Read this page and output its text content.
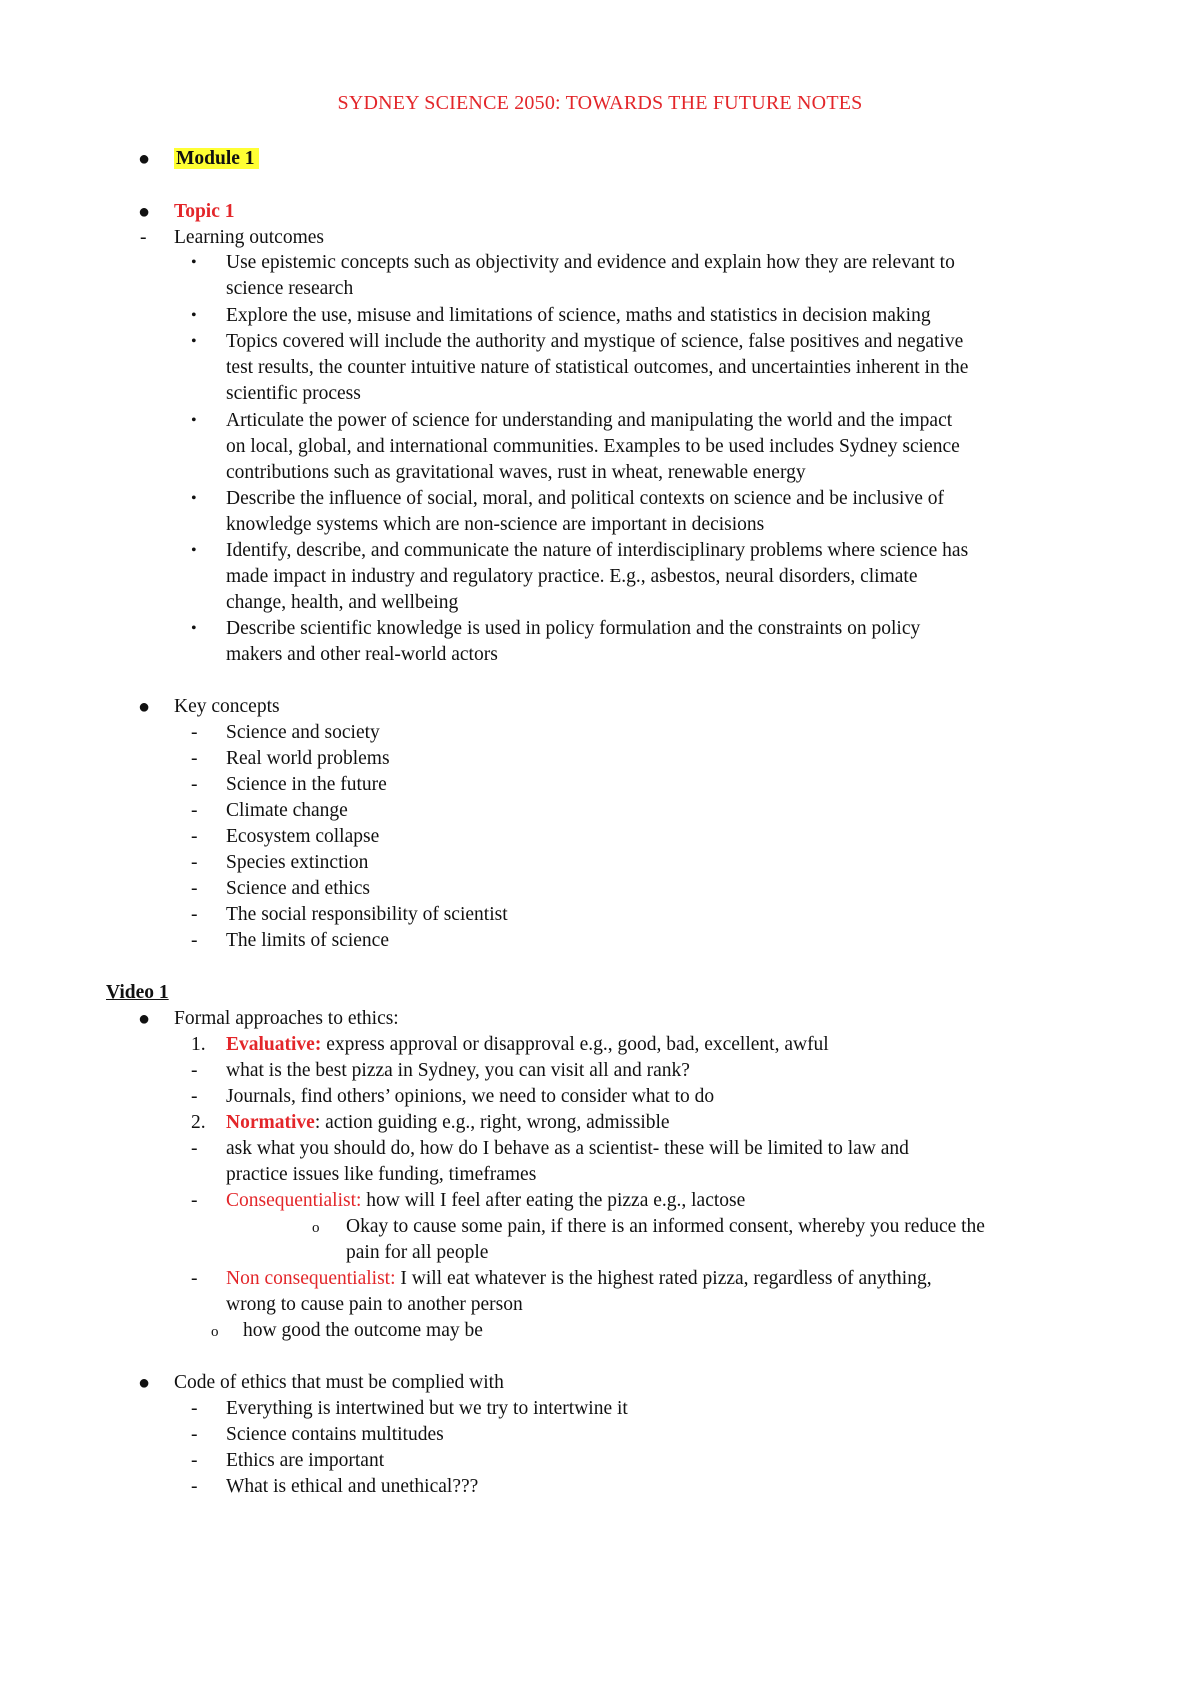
SYDNEY SCIENCE 2050: TOWARDS THE FUTURE NOTES
● Module 1
● Topic 1
- Learning outcomes
• Use epistemic concepts such as objectivity and evidence and explain how they are relevant to
science research
• Explore the use, misuse and limitations of science, maths and statistics in decision making
• Topics covered will include the authority and mystique of science, false positives and negative
test results, the counter intuitive nature of statistical outcomes, and uncertainties inherent in the
scientific process
• Articulate the power of science for understanding and manipulating the world and the impact
on local, global, and international communities. Examples to be used includes Sydney science
contributions such as gravitational waves, rust in wheat, renewable energy
• Describe the influence of social, moral, and political contexts on science and be inclusive of
knowledge systems which are non-science are important in decisions
• Identify, describe, and communicate the nature of interdisciplinary problems where science has
made impact in industry and regulatory practice. E.g., asbestos, neural disorders, climate
change, health, and wellbeing
• Describe scientific knowledge is used in policy formulation and the constraints on policy
makers and other real-world actors
● Key concepts
- Science and society
- Real world problems
- Science in the future
- Climate change
- Ecosystem collapse
- Species extinction
- Science and ethics
- The social responsibility of scientist
- The limits of science
Video 1
● Formal approaches to ethics:
1. Evaluative: express approval or disapproval e.g., good, bad, excellent, awful
- what is the best pizza in Sydney, you can visit all and rank?
- Journals, find others’ opinions, we need to consider what to do
2. Normative: action guiding e.g., right, wrong, admissible
- ask what you should do, how do I behave as a scientist- these will be limited to law and
practice issues like funding, timeframes
- Consequentialist: how will I feel after eating the pizza e.g., lactose
o Okay to cause some pain, if there is an informed consent, whereby you reduce the
pain for all people
- Non consequentialist: I will eat whatever is the highest rated pizza, regardless of anything,
wrong to cause pain to another person
o how good the outcome may be
● Code of ethics that must be complied with
- Everything is intertwined but we try to intertwine it
- Science contains multitudes
- Ethics are important
- What is ethical and unethical???
